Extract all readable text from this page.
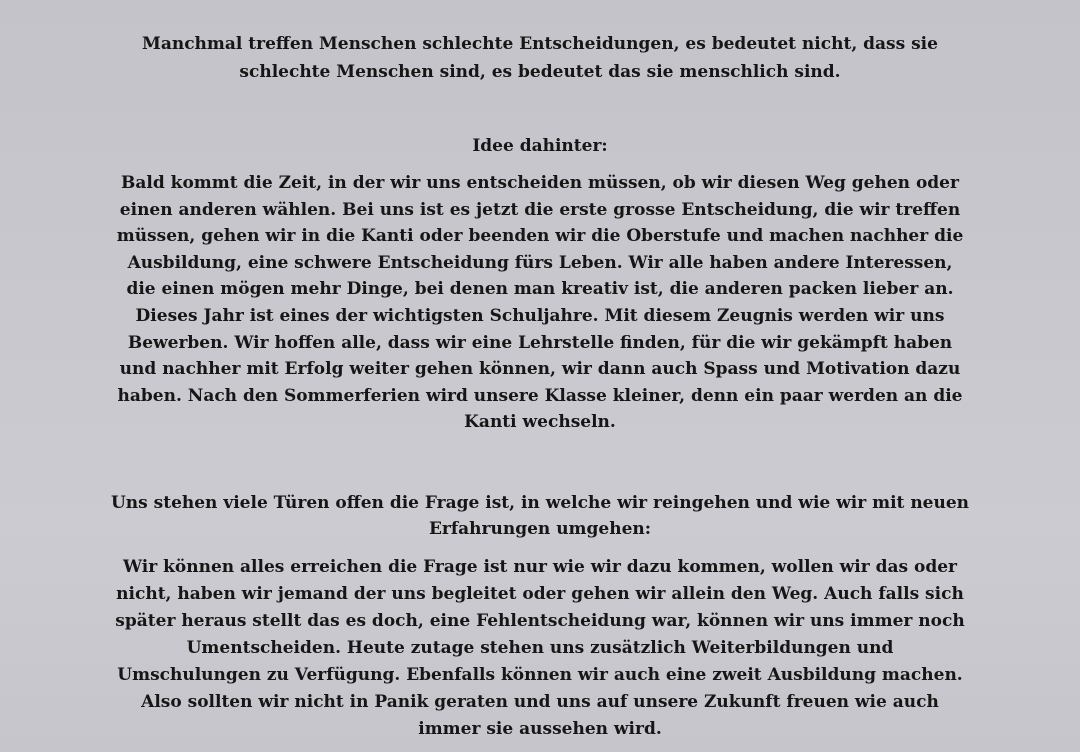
Manchmal treffen Menschen schlechte Entscheidungen, es bedeutet nicht, dass sie
schlechte Menschen sind, es bedeutet das sie menschlich sind.
Idee dahinter:
Bald kommt die Zeit, in der wir uns entscheiden müssen, ob wir diesen Weg gehen oder
einen anderen wählen. Bei uns ist es jetzt die erste grosse Entscheidung, die wir treffen
müssen, gehen wir in die Kanti oder beenden wir die Oberstufe und machen nachher die
Ausbildung, eine schwere Entscheidung fürs Leben. Wir alle haben andere Interessen,
die einen mögen mehr Dinge, bei denen man kreativ ist, die anderen packen lieber an.
Dieses Jahr ist eines der wichtigsten Schuljahre. Mit diesem Zeugnis werden wir uns
Bewerben. Wir hoffen alle, dass wir eine Lehrstelle finden, für die wir gekämpft haben
und nachher mit Erfolg weiter gehen können, wir dann auch Spass und Motivation dazu
haben. Nach den Sommerferien wird unsere Klasse kleiner, denn ein paar werden an die
Kanti wechseln.
Uns stehen viele Türen offen die Frage ist, in welche wir reingehen und wie wir mit neuen
Erfahrungen umgehen:
Wir können alles erreichen die Frage ist nur wie wir dazu kommen, wollen wir das oder
nicht, haben wir jemand der uns begleitet oder gehen wir allein den Weg. Auch falls sich
später heraus stellt das es doch, eine Fehlentscheidung war, können wir uns immer noch
Umentscheiden. Heute zutage stehen uns zusätzlich Weiterbildungen und
Umschulungen zu Verfügung. Ebenfalls können wir auch eine zweit Ausbildung machen.
Also sollten wir nicht in Panik geraten und uns auf unsere Zukunft freuen wie auch
immer sie aussehen wird.
